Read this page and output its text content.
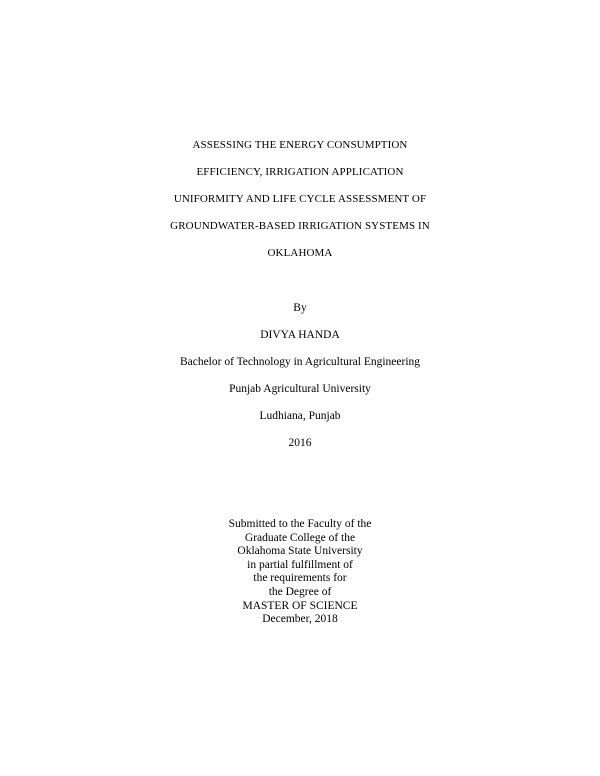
ASSESSING THE ENERGY CONSUMPTION
EFFICIENCY, IRRIGATION APPLICATION
UNIFORMITY AND LIFE CYCLE ASSESSMENT OF
GROUNDWATER-BASED IRRIGATION SYSTEMS IN
OKLAHOMA
By
DIVYA HANDA
Bachelor of Technology in Agricultural Engineering
Punjab Agricultural University
Ludhiana, Punjab
2016
Submitted to the Faculty of the
Graduate College of the
Oklahoma State University
in partial fulfillment of
the requirements for
the Degree of
MASTER OF SCIENCE
December, 2018
